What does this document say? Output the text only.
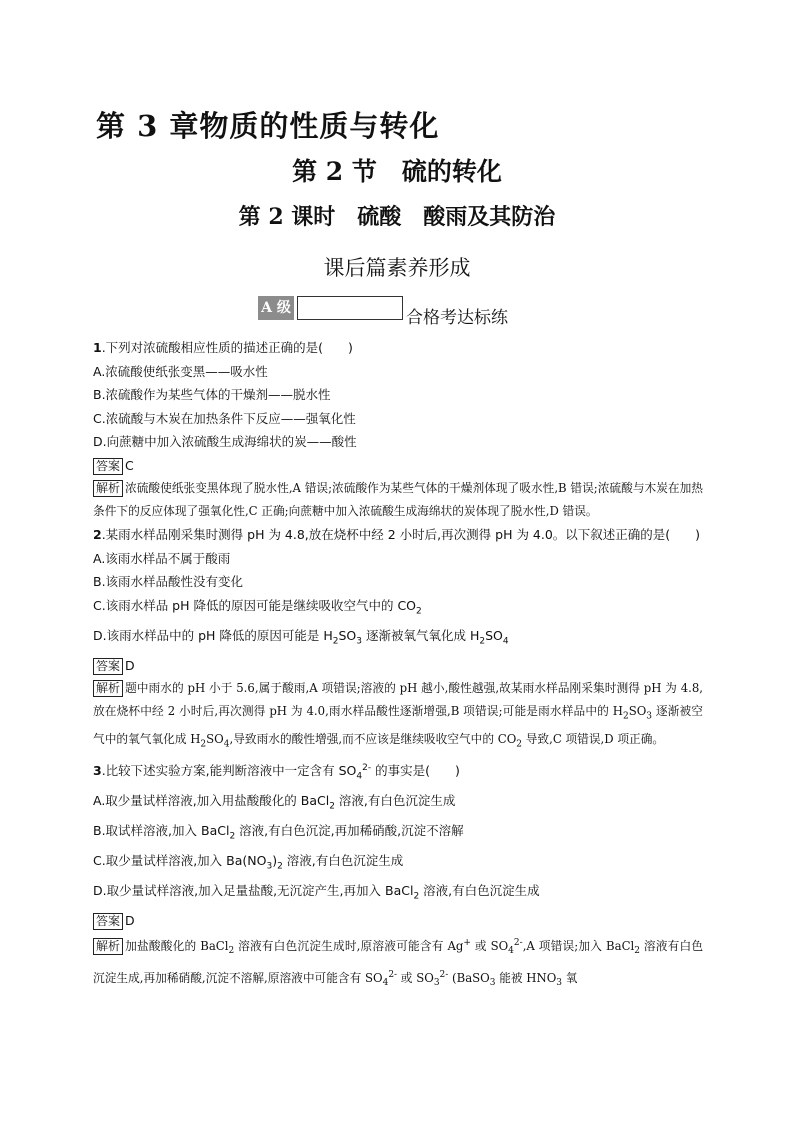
第 3 章物质的性质与转化
第 2 节　硫的转化
第 2 课时　硫酸　酸雨及其防治
课后篇素养形成
A 级	合格考达标练
1.下列对浓硫酸相应性质的描述正确的是(　　)
A.浓硫酸使纸张变黑——吸水性
B.浓硫酸作为某些气体的干燥剂——脱水性
C.浓硫酸与木炭在加热条件下反应——强氧化性
D.向蔗糖中加入浓硫酸生成海绵状的炭——酸性
答案 C
解析 浓硫酸使纸张变黑体现了脱水性,A 错误;浓硫酸作为某些气体的干燥剂体现了吸水性,B 错误;浓硫酸与木炭在加热条件下的反应体现了强氧化性,C 正确;向蔗糖中加入浓硫酸生成海绵状的炭体现了脱水性,D 错误。
2.某雨水样品刚采集时测得 pH 为 4.8,放在烧杯中经 2 小时后,再次测得 pH 为 4.0。以下叙述正确的是(　　)
A.该雨水样品不属于酸雨
B.该雨水样品酸性没有变化
C.该雨水样品 pH 降低的原因可能是继续吸收空气中的 $CO_2$
D.该雨水样品中的 pH 降低的原因可能是 $H_2SO_3$ 逐渐被氧气氧化成 $H_2SO_4$
答案 D
解析 题中雨水的 pH 小于 5.6,属于酸雨,A 项错误;溶液的 pH 越小,酸性越强,故某雨水样品刚采集时测得 pH 为 4.8,放在烧杯中经 2 小时后,再次测得 pH 为 4.0,雨水样品酸性逐渐增强,B 项错误;可能是雨水样品中的 $H_2SO_3$ 逐渐被空气中的氧气氧化成 $H_2SO_4$,导致雨水的酸性增强,而不应该是继续吸收空气中的 $CO_2$ 导致,C 项错误,D 项正确。
3.比较下述实验方案,能判断溶液中一定含有 $SO_4^{2-}$ 的事实是(　　)
A.取少量试样溶液,加入用盐酸酸化的 BaCl$_2$ 溶液,有白色沉淀生成
B.取试样溶液,加入 BaCl$_2$ 溶液,有白色沉淀,再加稀硝酸,沉淀不溶解
C.取少量试样溶液,加入 $Ba(NO_3)_2$ 溶液,有白色沉淀生成
D.取少量试样溶液,加入足量盐酸,无沉淀产生,再加入 BaCl$_2$ 溶液,有白色沉淀生成
答案 D
解析 加盐酸酸化的 BaCl$_2$ 溶液有白色沉淀生成时,原溶液可能含有 Ag+ 或 $SO_4^{2-},A$ 项错误;加入 BaCl$_2$ 溶液有白色沉淀生成,再加稀硝酸,沉淀不溶解,原溶液中可能含有 $SO_4^{2-}$ 或 $SO_3^{2-}$ (BaSO$_3$ 能被 $HNO_3$ 氧
